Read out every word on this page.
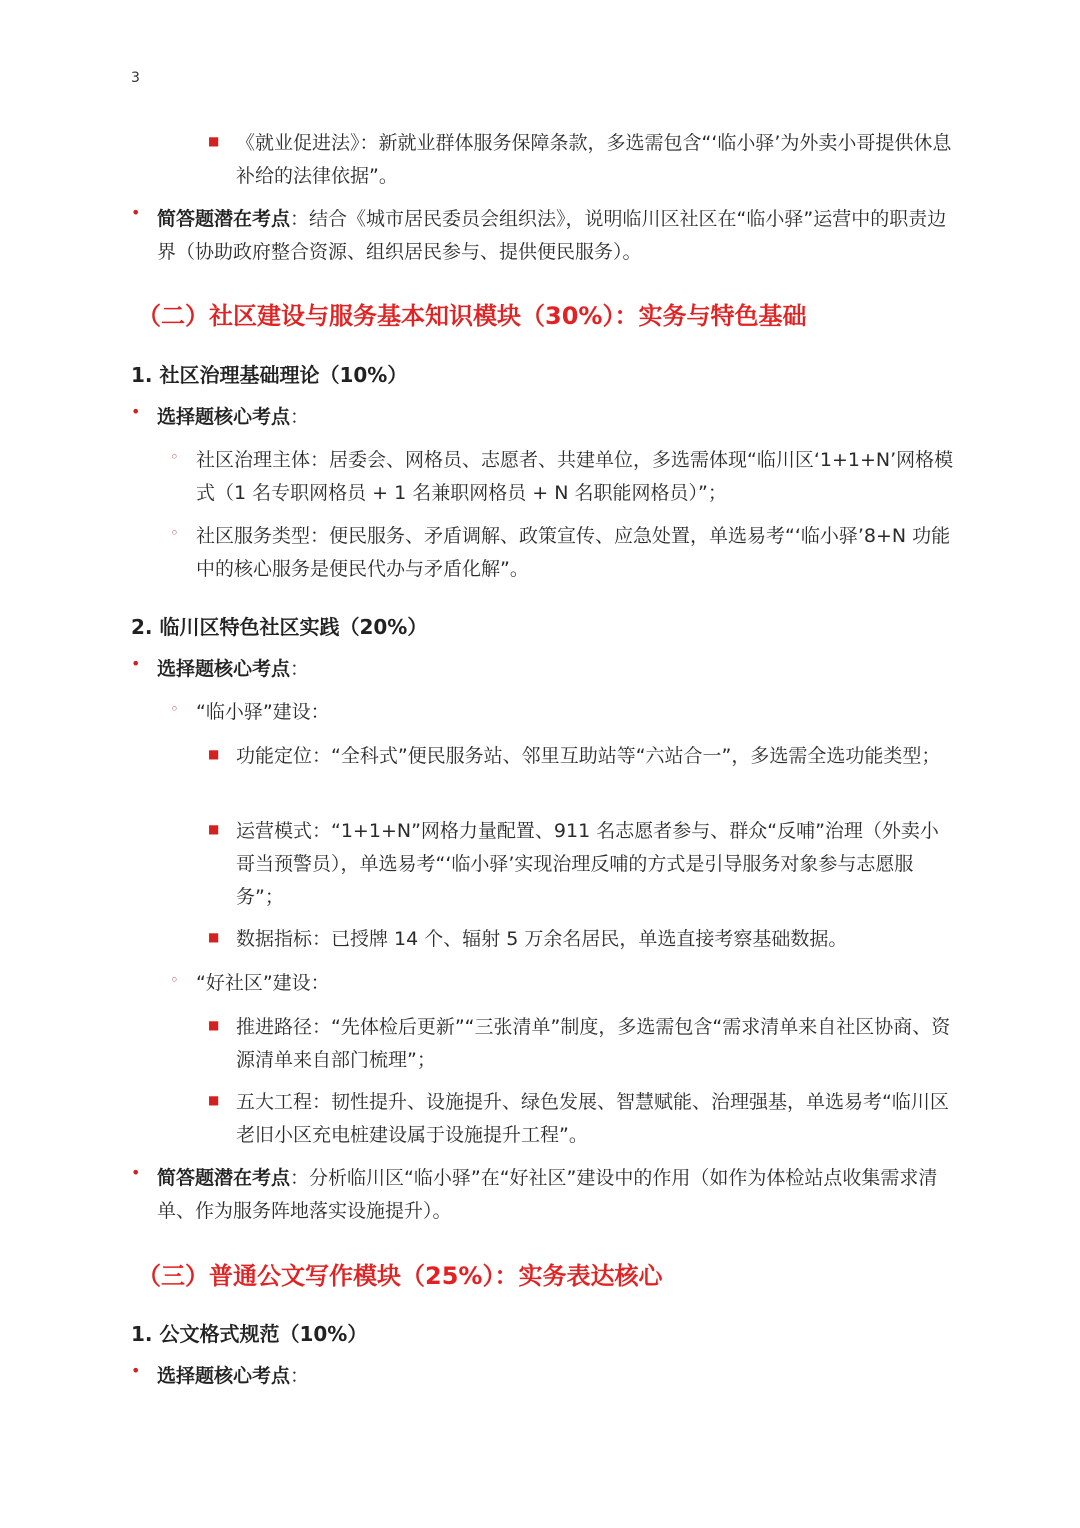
3
■ 《就业促进法》：新就业群体服务保障条款，多选需包含“‘临小驿’为外卖小哥提供休息补给的法律依据”。
• 简答题潜在考点：结合《城市居民委员会组织法》，说明临川区社区在“临小驿”运营中的职责边界（协助政府整合资源、组织居民参与、提供便民服务）。
（二）社区建设与服务基本知识模块（30%）：实务与特色基础
1. 社区治理基础理论（10%）
• 选择题核心考点：
◦ 社区治理主体：居委会、网格员、志愿者、共建单位，多选需体现“临川区‘1+1+N’网格模式（1 名专职网格员 + 1 名兼职网格员 + N 名职能网格员）”；
◦ 社区服务类型：便民服务、矛盾调解、政策宣传、应急处置，单选易考“‘临小驿’8+N 功能中的核心服务是便民代办与矛盾化解”。
2. 临川区特色社区实践（20%）
• 选择题核心考点：
◦ “临小驿”建设：
■ 功能定位：“全科式”便民服务站、邻里互助站等“六站合一”，多选需全选功能类型；
■ 运营模式：“1+1+N”网格力量配置、911 名志愿者参与、群众“反哺”治理（外卖小哥当预警员），单选易考“‘临小驿’实现治理反哺的方式是引导服务对象参与志愿服务”；
■ 数据指标：已授牌 14 个、辐射 5 万余名居民，单选直接考察基础数据。
◦ “好社区”建设：
■ 推进路径：“先体检后更新”“三张清单”制度，多选需包含“需求清单来自社区协商、资源清单来自部门梳理”；
■ 五大工程：韧性提升、设施提升、绿色发展、智慧赋能、治理强基，单选易考“临川区老旧小区充电桩建设属于设施提升工程”。
• 简答题潜在考点：分析临川区“临小驿”在“好社区”建设中的作用（如作为体检站点收集需求清单、作为服务阵地落实设施提升）。
（三）普通公文写作模块（25%）：实务表达核心
1. 公文格式规范（10%）
• 选择题核心考点：
